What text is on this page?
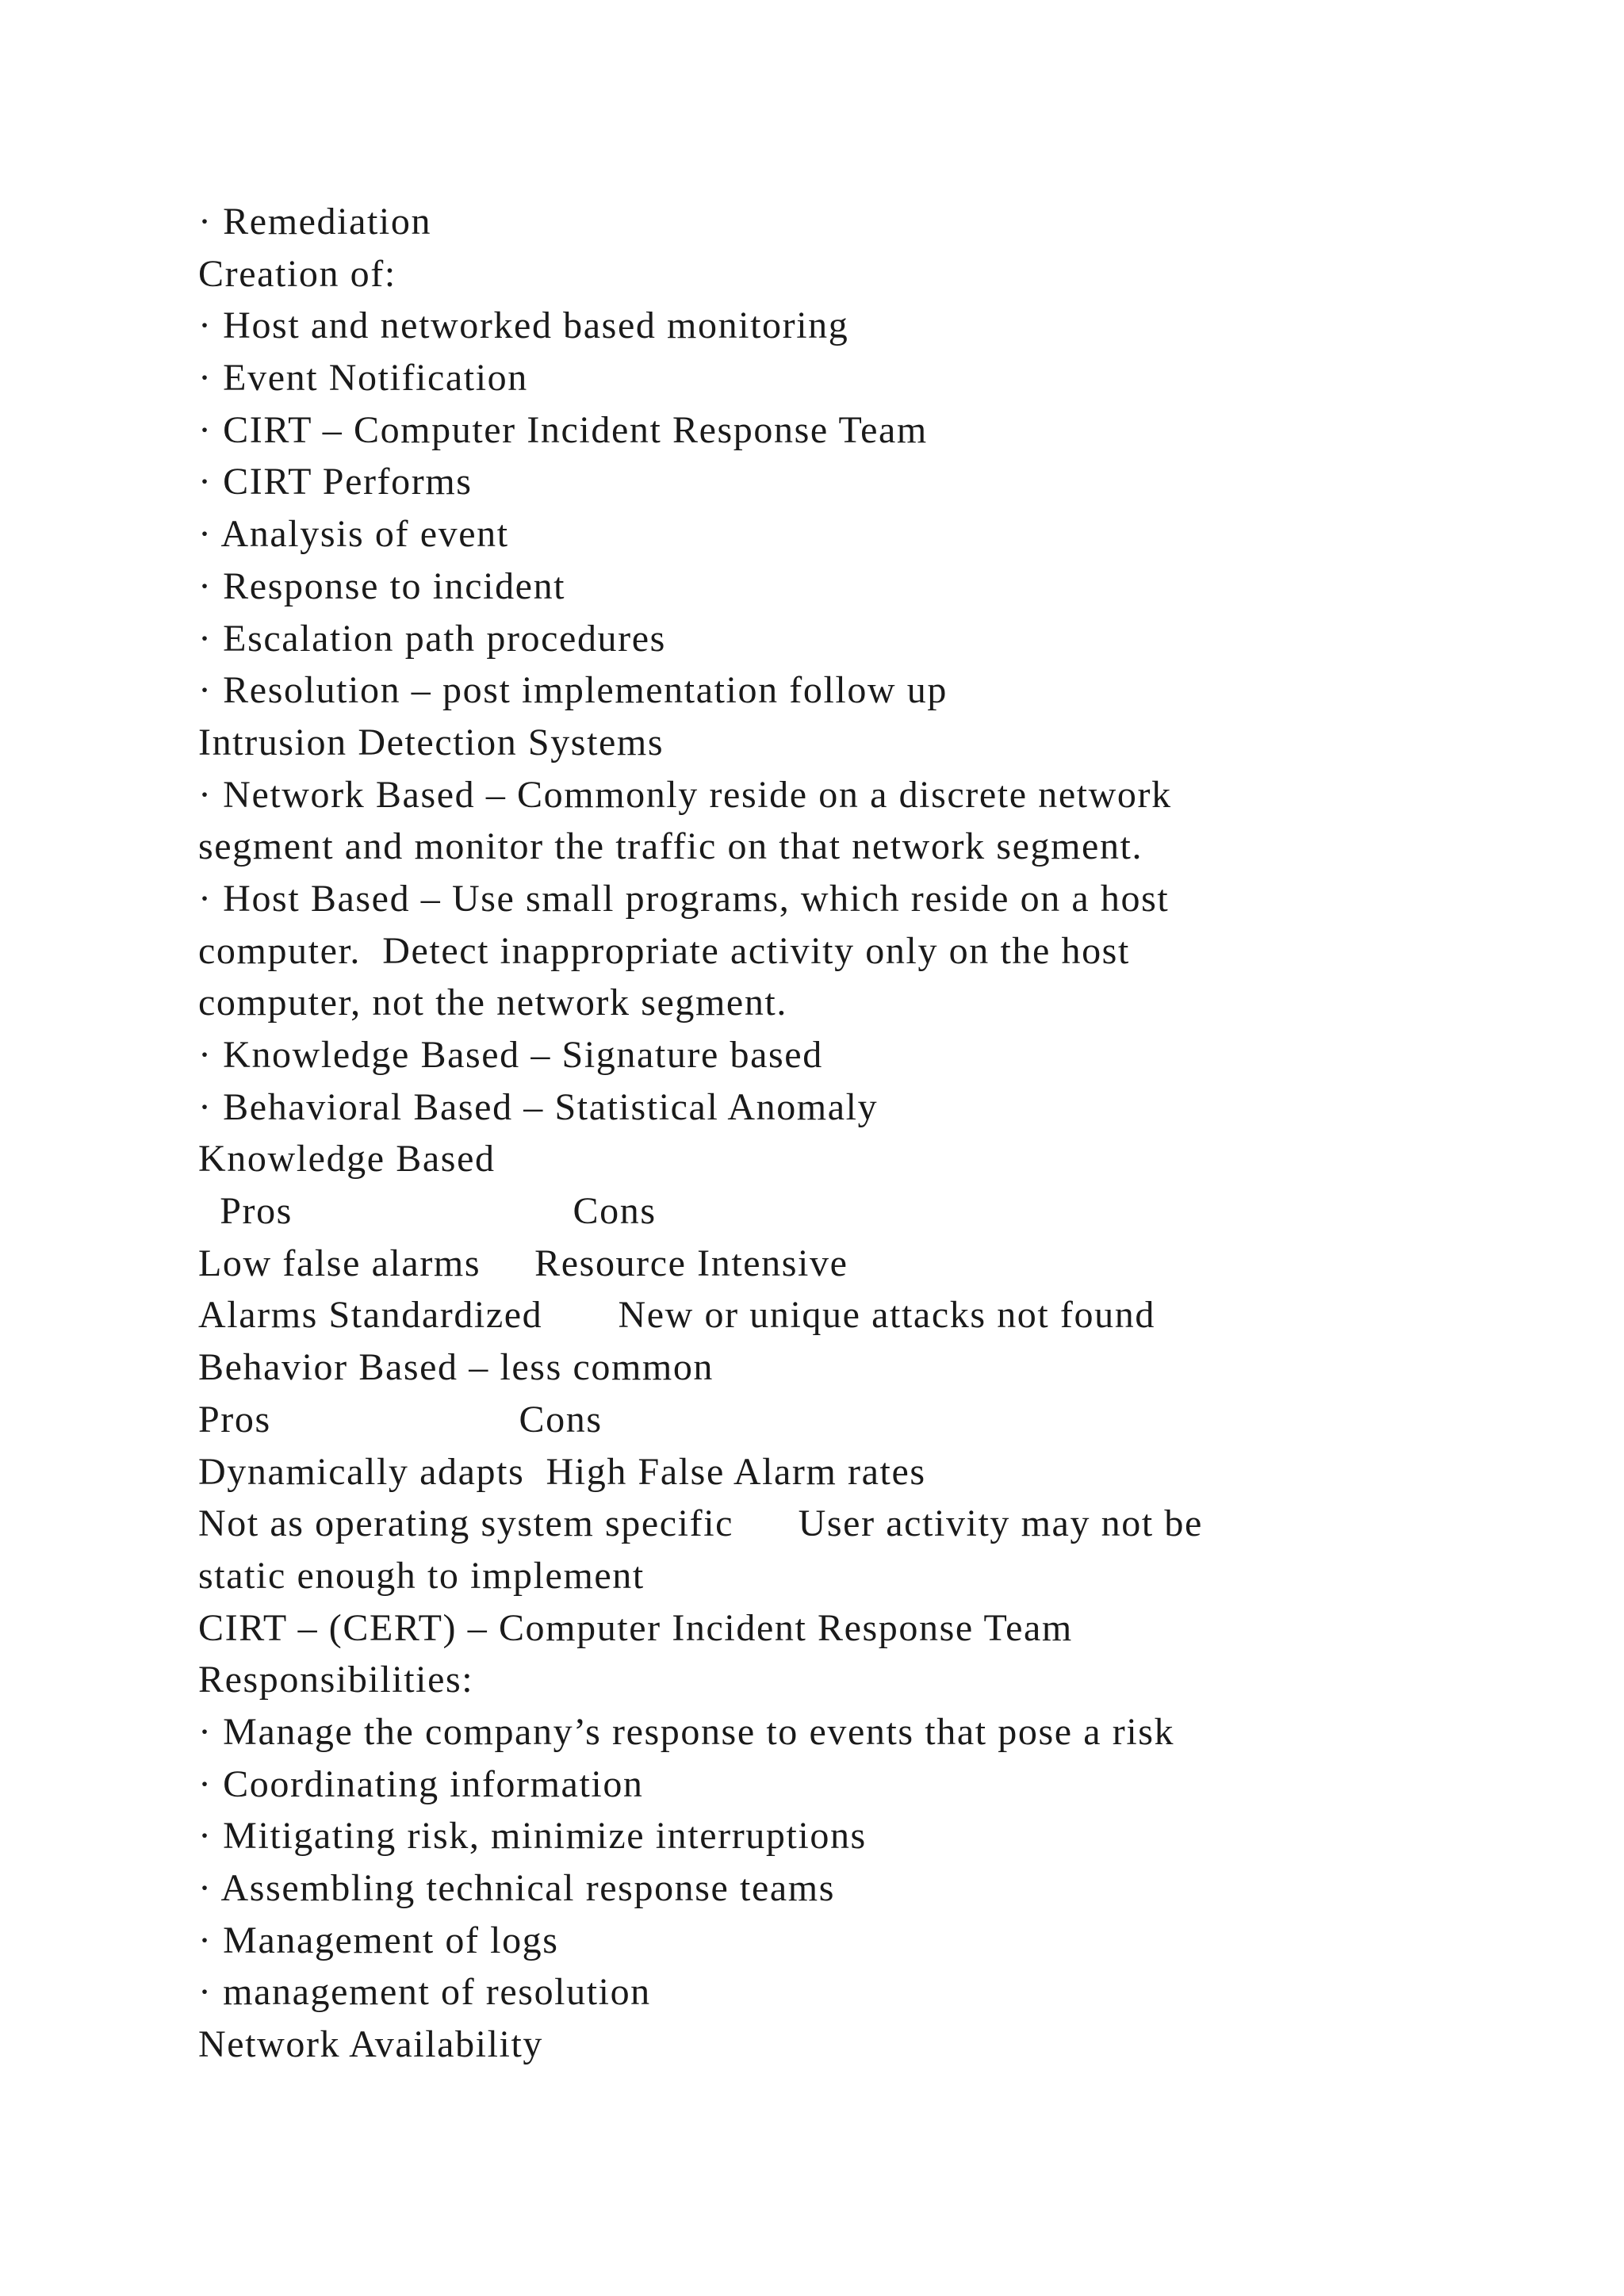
· Remediation
Creation of:
· Host and networked based monitoring
· Event Notification
· CIRT – Computer Incident Response Team
· CIRT Performs
· Analysis of event
· Response to incident
· Escalation path procedures
· Resolution – post implementation follow up
Intrusion Detection Systems
· Network Based – Commonly reside on a discrete network
segment and monitor the traffic on that network segment.
· Host Based – Use small programs, which reside on a host
computer.  Detect inappropriate activity only on the host
computer, not the network segment.
· Knowledge Based – Signature based
· Behavioral Based – Statistical Anomaly
Knowledge Based
Pros                          Cons
Low false alarms     Resource Intensive
Alarms Standardized       New or unique attacks not found
Behavior Based – less common
Pros                       Cons
Dynamically adapts  High False Alarm rates
Not as operating system specific      User activity may not be
static enough to implement
CIRT – (CERT) – Computer Incident Response Team
Responsibilities:
· Manage the company’s response to events that pose a risk
· Coordinating information
· Mitigating risk, minimize interruptions
· Assembling technical response teams
· Management of logs
· management of resolution
Network Availability
